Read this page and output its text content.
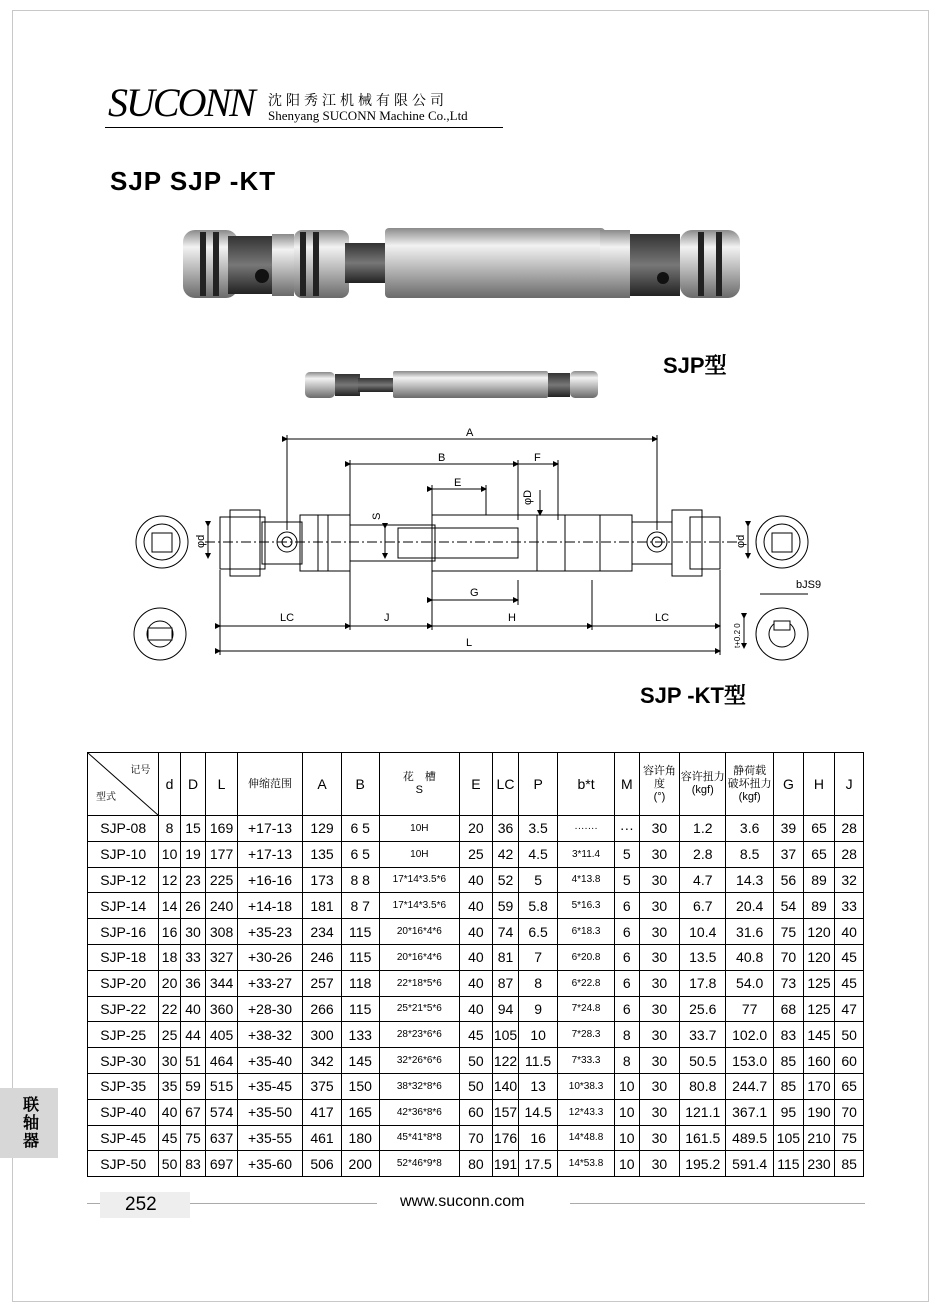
SUCONN 沈阳秀江机械有限公司
Shenyang SUCONN Machine Co.,Ltd
SJP SJP -KT
A
B	F
E
φD
S
φd	φd
G
LC	J	H	LC
L
bJS9
t+0.2 0
SJP型
SJP -KT型
记号
型式	d	D	L	伸缩范围	A	B	花　槽
S	E	LC	P	b*t	M	容许角度
(°)	容许扭力
(kgf)	静荷载
破坏扭力
(kgf)	G	H	J
SJP-08	8	15	169	+17-13	129	6 5	10H	20	36	3.5	·······	···	30	1.2	3.6	39	65	28
SJP-10	10	19	177	+17-13	135	6 5	10H	25	42	4.5	3*11.4	5	30	2.8	8.5	37	65	28
SJP-12	12	23	225	+16-16	173	8 8	17*14*3.5*6	40	52	5	4*13.8	5	30	4.7	14.3	56	89	32
SJP-14	14	26	240	+14-18	181	8 7	17*14*3.5*6	40	59	5.8	5*16.3	6	30	6.7	20.4	54	89	33
SJP-16	16	30	308	+35-23	234	115	20*16*4*6	40	74	6.5	6*18.3	6	30	10.4	31.6	75	120	40
SJP-18	18	33	327	+30-26	246	115	20*16*4*6	40	81	7	6*20.8	6	30	13.5	40.8	70	120	45
SJP-20	20	36	344	+33-27	257	118	22*18*5*6	40	87	8	6*22.8	6	30	17.8	54.0	73	125	45
SJP-22	22	40	360	+28-30	266	115	25*21*5*6	40	94	9	7*24.8	6	30	25.6	77	68	125	47
SJP-25	25	44	405	+38-32	300	133	28*23*6*6	45	105	10	7*28.3	8	30	33.7	102.0	83	145	50
SJP-30	30	51	464	+35-40	342	145	32*26*6*6	50	122	11.5	7*33.3	8	30	50.5	153.0	85	160	60
SJP-35	35	59	515	+35-45	375	150	38*32*8*6	50	140	13	10*38.3	10	30	80.8	244.7	85	170	65
SJP-40	40	67	574	+35-50	417	165	42*36*8*6	60	157	14.5	12*43.3	10	30	121.1	367.1	95	190	70
SJP-45	45	75	637	+35-55	461	180	45*41*8*8	70	176	16	14*48.8	10	30	161.5	489.5	105	210	75
SJP-50	50	83	697	+35-60	506	200	52*46*9*8	80	191	17.5	14*53.8	10	30	195.2	591.4	115	230	85
联轴器
252	www.suconn.com
